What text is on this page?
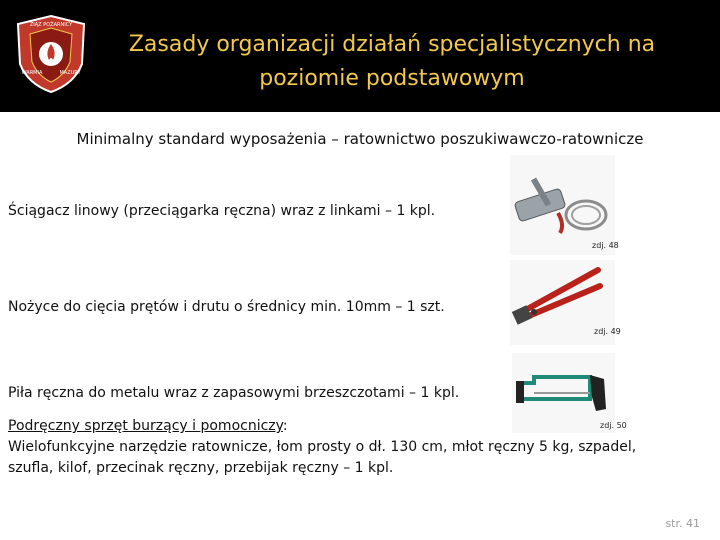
ZIĄZ POŻARNICY
WARMIA	MAZURY
Zasady organizacji działań specjalistycznych na
poziomie podstawowym
Minimalny standard wyposażenia – ratownictwo poszukiwawczo-ratownicze
Ściągacz linowy (przeciągarka ręczna) wraz z linkami – 1 kpl.
zdj. 48
Nożyce do cięcia prętów i drutu o średnicy min. 10mm – 1 szt.
zdj. 49
Piła ręczna do metalu wraz z zapasowymi brzeszczotami – 1 kpl.
zdj. 50
Podręczny sprzęt burzący i pomocniczy:
Wielofunkcyjne narzędzie ratownicze, łom prosty o dł. 130 cm, młot ręczny 5 kg, szpadel,
szufla, kilof, przecinak ręczny, przebijak ręczny – 1 kpl.
str. 41
